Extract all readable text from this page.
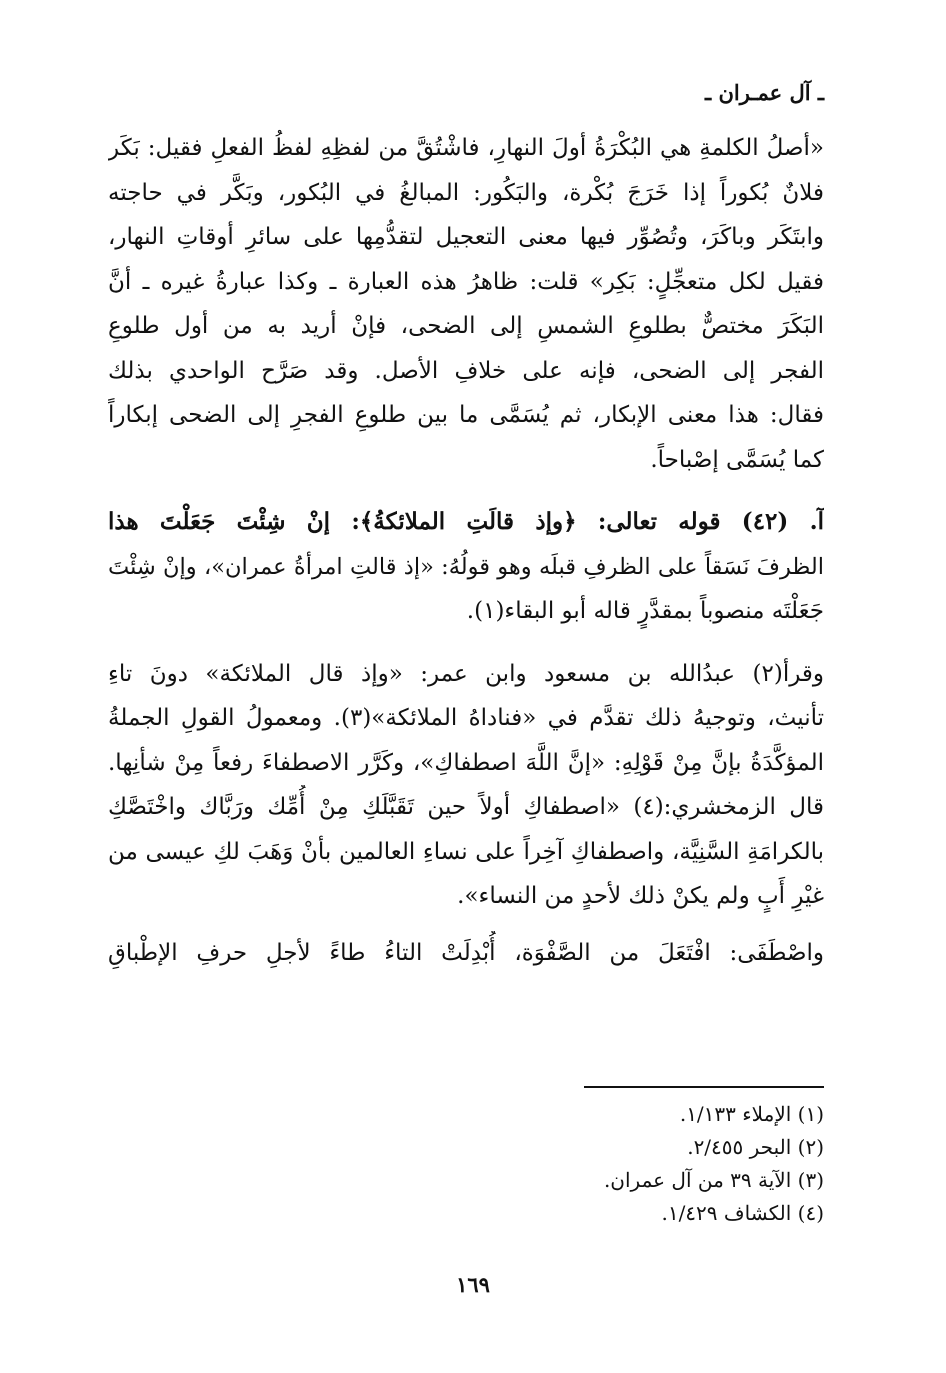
ـ آل عمـران ـ
«أصلُ الكلمةِ هي البُكْرَةُ أولَ النهارِ، فاشْتُقَّ من لفظِهِ لفظُ الفعلِ فقيل: بَكَر
فلانٌ بُكوراً إذا خَرَجَ بُكْرة، والبَكُور: المبالغُ في البُكور، وبَكَّر في حاجته
وابتَكَر وباكَرَ، وتُصُوِّر فيها معنى التعجيل لتقدُّمِها على سائرِ أوقاتِ النهار،
فقيل لكل متعجِّلٍ: بَكِر» قلت: ظاهرُ هذه العبارة ـ وكذا عبارةُ غيره ـ أنَّ
البَكَرَ مختصٌّ بطلوعِ الشمسِ إلى الضحى، فإنْ أريد به من أول طلوعِ
الفجر إلى الضحى، فإنه على خلافِ الأصل. وقد صَرَّح الواحدي بذلك
فقال: هذا معنى الإبكار، ثم يُسَمَّى ما بين طلوعِ الفجرِ إلى الضحى إبكاراً
كما يُسَمَّى إصْباحاً.
آ. (٤٢) قوله تعالى: ﴿وإذ قالَتِ الملائكةُ﴾: إنْ شِئْتَ جَعَلْتَ هذا
الظرفَ نَسَقاً على الظرفِ قبلَه وهو قولُهُ: «إذ قالتِ امرأةُ عمران»، وإنْ شِئْتَ
جَعَلْتَه منصوباً بمقدَّرٍ قاله أبو البقاء(١).
وقرأ(٢) عبدُالله بن مسعود وابن عمر: «وإذ قال الملائكة» دونَ تاءِ
تأنيث، وتوجيهُ ذلك تقدَّم في «فناداهُ الملائكة»(٣). ومعمولُ القولِ الجملةُ
المؤكَّدَةُ بإنَّ مِنْ قَوْلِهِ: «إنَّ اللَّهَ اصطفاكِ»، وكَرَّر الاصطفاءَ رفعاً مِنْ شأنِها.
قال الزمخشري:(٤) «اصطفاكِ أولاً حين تَقَبَّلَكِ مِنْ أُمِّك ورَبَّاك واخْتَصَّكِ
بالكرامَةِ السَّنِيَّة، واصطفاكِ آخِراً على نساءِ العالمين بأنْ وَهَبَ لكِ عيسى من
غيْرِ أَبٍ ولم يكنْ ذلك لأحدٍ من النساء».
واصْطَفَى: افْتَعَلَ من الصَّفْوَة، أُبْدِلَتْ التاءُ طاءً لأجلِ حرفِ الإطْباقِ
(١) الإملاء ١/١٣٣.
(٢) البحر ٢/٤٥٥.
(٣) الآية ٣٩ من آل عمران.
(٤) الكشاف ١/٤٢٩.
١٦٩
